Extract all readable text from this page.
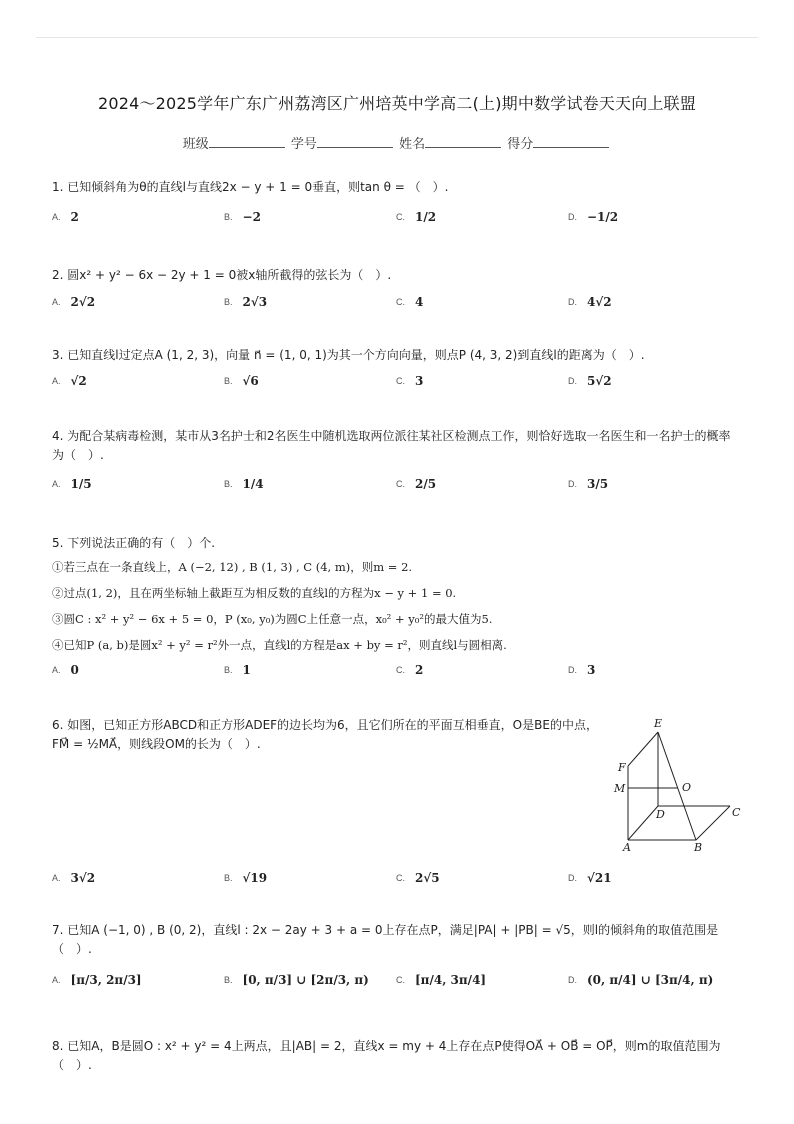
2024～2025学年广东广州荔湾区广州培英中学高二(上)期中数学试卷天天向上联盟
班级	学号	姓名	得分
1. 已知倾斜角为θ的直线l与直线2x − y + 1 = 0垂直，则tan θ = （　）.
A. 2	B. −2	C. 1/2	D. −1/2
2. 圆x² + y² − 6x − 2y + 1 = 0被x轴所截得的弦长为（　）.
A. 2√2	B. 2√3	C. 4	D. 4√2
3. 已知直线l过定点A (1, 2, 3)，向量 n⃗ = (1, 0, 1)为其一个方向向量，则点P (4, 3, 2)到直线l的距离为（　）.
A. √2	B. √6	C. 3	D. 5√2
4. 为配合某病毒检测，某市从3名护士和2名医生中随机选取两位派往某社区检测点工作，则恰好选取一名医生和一名护士的概率为（　）.
A. 1/5	B. 1/4	C. 2/5	D. 3/5
5. 下列说法正确的有（　）个.
①若三点在一条直线上，A (−2, 12) , B (1, 3) , C (4, m)，则m = 2.
②过点(1, 2)，且在两坐标轴上截距互为相反数的直线l的方程为x − y + 1 = 0.
③圆C : x² + y² − 6x + 5 = 0，P (x₀, y₀)为圆C上任意一点，x₀² + y₀²的最大值为5.
④已知P (a, b)是圆x² + y² = r²外一点，直线l的方程是ax + by = r²，则直线l与圆相离.
A. 0	B. 1	C. 2	D. 3
6. 如图，已知正方形ABCD和正方形ADEF的边长均为6，且它们所在的平面互相垂直，O是BE的中点，FM⃗ = ½MA⃗，则线段OM的长为（　）.
E
F
M	O
D	C
A	B
A. 3√2	B. √19	C. 2√5	D. √21
7. 已知A (−1, 0) , B (0, 2)，直线l : 2x − 2ay + 3 + a = 0上存在点P，满足|PA| + |PB| = √5，则l的倾斜角的取值范围是（　）.
A. [π/3, 2π/3]	B. [0, π/3] ∪ [2π/3, π)	C. [π/4, 3π/4]	D. (0, π/4] ∪ [3π/4, π)
8. 已知A，B是圆O : x² + y² = 4上两点，且|AB| = 2，直线x = my + 4上存在点P使得OA⃗ + OB⃗ = OP⃗，则m的取值范围为（　）.
